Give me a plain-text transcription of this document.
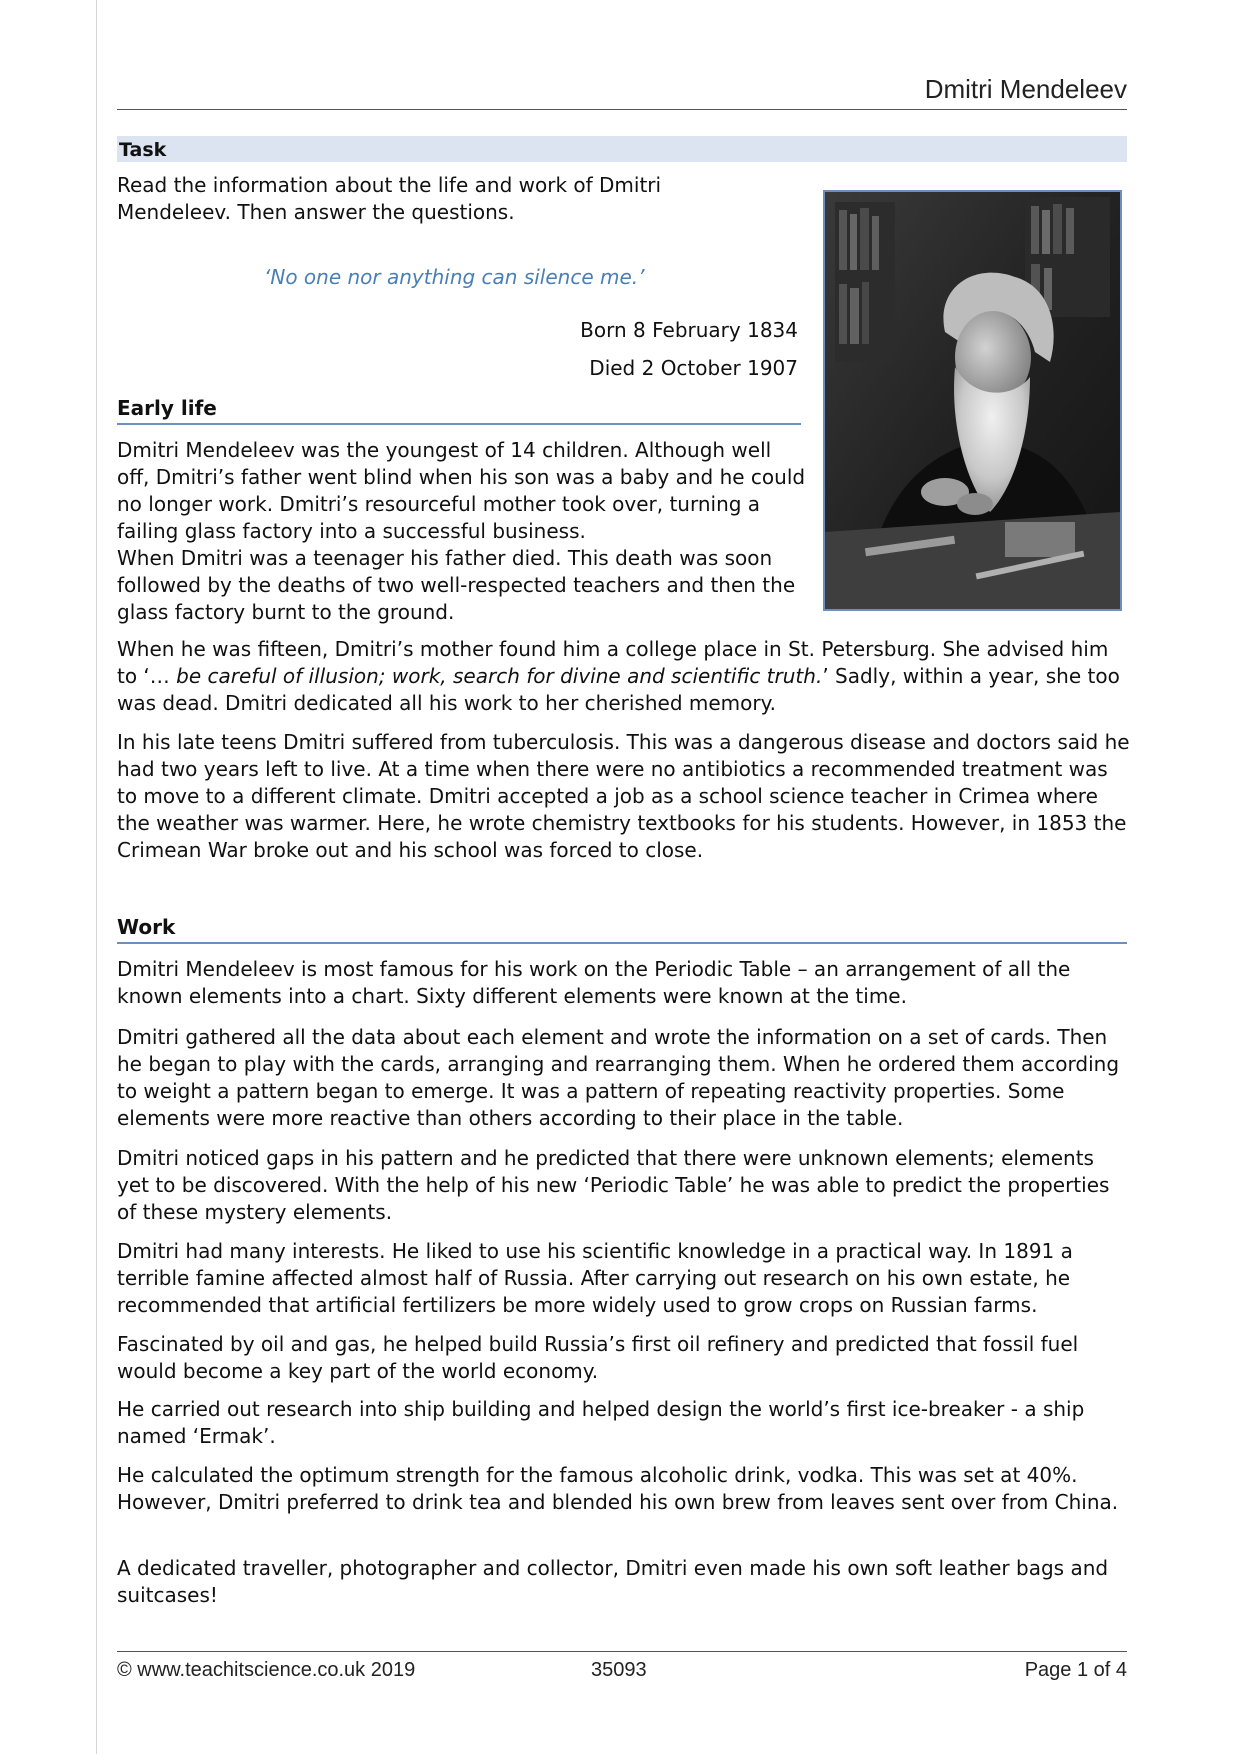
Dmitri Mendeleev
Task

Read the information about the life and work of Dmitri Mendeleev. Then answer the questions.

‘No one nor anything can silence me.’
Born 8 February 1834
Died 2 October 1907
Early life

Dmitri Mendeleev was the youngest of 14 children. Although well off, Dmitri’s father went blind when his son was a baby and he could no longer work. Dmitri’s resourceful mother took over, turning a failing glass factory into a successful business.

When Dmitri was a teenager his father died. This death was soon followed by the deaths of two well-respected teachers and then the glass factory burnt to the ground.

When he was fifteen, Dmitri’s mother found him a college place in St. Petersburg. She advised him to ‘… be careful of illusion; work, search for divine and scientific truth.’ Sadly, within a year, she too was dead. Dmitri dedicated all his work to her cherished memory.

In his late teens Dmitri suffered from tuberculosis. This was a dangerous disease and doctors said he had two years left to live. At a time when there were no antibiotics a recommended treatment was to move to a different climate. Dmitri accepted a job as a school science teacher in Crimea where the weather was warmer. Here, he wrote chemistry textbooks for his students. However, in 1853 the Crimean War broke out and his school was forced to close.

Work

Dmitri Mendeleev is most famous for his work on the Periodic Table – an arrangement of all the known elements into a chart. Sixty different elements were known at the time.

Dmitri gathered all the data about each element and wrote the information on a set of cards. Then he began to play with the cards, arranging and rearranging them. When he ordered them according to weight a pattern began to emerge. It was a pattern of repeating reactivity properties. Some elements were more reactive than others according to their place in the table.

Dmitri noticed gaps in his pattern and he predicted that there were unknown elements; elements yet to be discovered. With the help of his new ‘Periodic Table’ he was able to predict the properties of these mystery elements.

Dmitri had many interests. He liked to use his scientific knowledge in a practical way. In 1891 a terrible famine affected almost half of Russia. After carrying out research on his own estate, he recommended that artificial fertilizers be more widely used to grow crops on Russian farms.

Fascinated by oil and gas, he helped build Russia’s first oil refinery and predicted that fossil fuel would become a key part of the world economy.

He carried out research into ship building and helped design the world’s first ice-breaker - a ship named ‘Ermak’.

He calculated the optimum strength for the famous alcoholic drink, vodka. This was set at 40%. However, Dmitri preferred to drink tea and blended his own brew from leaves sent over from China.

A dedicated traveller, photographer and collector, Dmitri even made his own soft leather bags and suitcases!

© www.teachitscience.co.uk 2019	35093	Page 1 of 4
